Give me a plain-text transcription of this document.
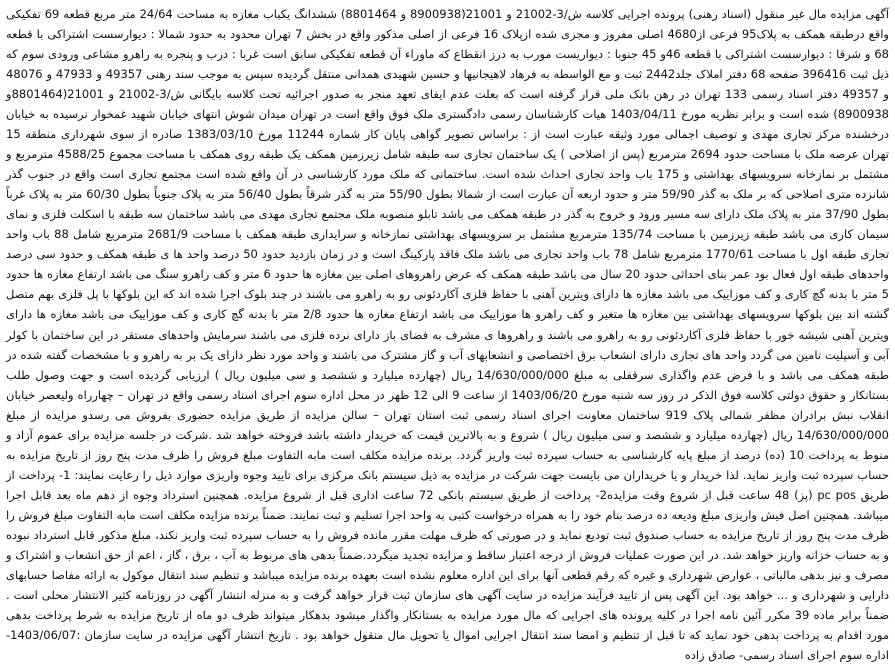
آگهی مزایده مال غیر منقول (اسناد رهنی) پرونده اجرایی کلاسه ش/3-21002 و 21001(8900938 و 8801464) ششدانگ یکباب مغازه به مساحت 24/64 متر مربع قطعه 69 تفکیکی واقع درطبقه همکف به پلاک95 فرعی از4680 اصلی مفروز و مجزی شده ازپلاک 16 فرعی از اصلی مذکور واقع در بخش 7 تهران محدود به حدود شمالا : دیوارسست اشتراکی با قطعه 68 و شرقا : دیوارسست اشتراکی با قطعه 46و 45 جنوبا : دیواریست مورب به درز انقطاع که ماوراء آن قطعه تفکیکی سابق است غربا : درب و پنجره به راهرو مشاعی ورودی سوم که ذیل ثبت 396416 صفحه 68 دفتر املاک جلد2442 ثبت و مع الواسطه به فرهاد لاهیجانیها و حسین شهیدی همدانی منتقل گردیده سپس به موجب سند رهنی 49357 و 47933 و 48076 و 49357 دفتر اسناد رسمی 133 تهران در رهن بانک ملی قرار گرفته است که بعلت عدم ایفای تعهد منجر به صدور اجرائیه تحت کلاسه بایگانی ش/3-21002 و 21001(8801464و 8900938) شده است و برابر نظریه مورخ 1403/04/11 هیات کارشناسان رسمی دادگستری ملک فوق واقع است در تهران میدان شوش انتهای خیابان شهید غمخوار نرسیده به خیابان درخشنده مرکز تجاری مهدی و توصیف اجمالی مورد وثیقه عبارت است از : براساس تصویر گواهی پایان کار شماره 11244 مورخ 1383/03/10 صادره از سوی شهرداری منطقه 15 تهران عرصه ملک با مساحت حدود 2694 مترمربع (پس از اصلاحی ) یک ساختمان تجاری سه طبقه شامل زیرزمین همکف یک طبقه روی همکف با مساحت مجموع 4588/25 مترمربع و مشتمل بر نمازخانه سرویسهای بهداشتی و 175 باب واحد تجاری احداث شده است. ساختمانی که ملک مورد کارشناسی در آن واقع شده است مجتمع تجاری است واقع در جنوب گذر شانزده متری اصلاحی که بر ملک به گذر 59/90 متر و حدود اربعه آن عبارت است از شمالا بطول 55/90 متر به گذر شرقاً بطول 56/40 متر به پلاک جنوباً بطول 60/30 متر به پلاک غرباً بطول 37/90 متر به پلاک ملک دارای سه مسیر ورود و خروج به گذر در طبقه همکف می باشد تابلو منصوبه ملک مجتمع تجاری مهدی می باشد ساختمان سه طبقه با اسکلت فلزی و نمای سیمان کاری می باشد طبقه زیرزمین با مساحت 135/74 مترمربع مشتمل بر سرویسهای بهداشتی نمازخانه و سرایداری طبقه همکف با مساحت 2681/9 مترمربع شامل 88 باب واحد تجاری طبقه اول با مساحت 1770/61 مترمربع شامل 78 باب واحد تجاری می باشد ملک فاقد پارکینگ است و در زمان بازدید حدود 50 درصد واحد ها ی طبقه همکف و حدود سی درصد واحدهای طبقه اول فعال بود عمر بنای احداثی حدود 20 سال می باشد طبقه همکف که عرض راهروهای اصلی بین مغازه ها حدود 6 متر و کف راهرو سنگ می باشد ارتفاع مغازه ها حدود 5 متر با بدنه گچ کاری و کف موزاییک می باشد مغازه ها دارای ویترین آهنی با حفاظ فلزی آکاردئونی رو به راهرو می باشند در چند بلوک اجرا شده اند که این بلوکها با پل فلزی بهم متصل گشته اند بین بلوکها سرویسهای بهداشتی بین مغازه ها متغیر و کف راهرو ها موزاییک می باشد ارتفاع مغازه ها حدود 2/8 متر با بدنه گچ کاری و کف موزاییک می باشد مغازه ها دارای ویترین آهنی شیشه خور با حفاظ فلزی آکاردئونی رو به راهرو می باشند و راهروها ی مشرف به فضای باز دارای نرده فلزی می باشند سرمایش واحدهای مستقر در این ساختمان با کولر آبی و آسپلیت تامین می گردد واحد های تجاری دارای انشعاب برق اختصاصی و انشعابهای آب و گاز مشترک می باشند و واحد مورد نظر دارای یک بر به راهرو و با مشخصات گفته شده در طبقه همکف می باشد و با فرض عدم واگذاری سرقفلی به مبلغ 14/630/000/000 ریال (چهارده میلیارد و ششصد و سی میلیون ریال ) ارزیابی گردیده است و جهت وصول طلب بستانکار و حقوق دولتی کلاسه فوق الذکر در روز سه شنبه مورخ 1403/06/20 از ساعت 9 الی 12 ظهر در محل اداره سوم اجرای اسناد رسمی واقع در تهران – چهارراه ولیعصر خیابان انقلاب نبش برادران مظفر شمالی پلاک 919 ساختمان معاونت اجرای اسناد رسمی ثبت استان تهران – سالن مزایده از طریق مزایده حضوری بفروش می رسدو مزایده از مبلغ 14/630/000/000 ریال (چهارده میلیارد و ششصد و سی میلیون ریال ) شروع و به بالاترین قیمت که خریدار داشته باشد فروخته خواهد شد .شرکت در جلسه مزایده برای عموم آزاد و منوط به پرداخت 10 (ده) درصد از مبلغ پایه کارشناسی به حساب سپرده ثبت واریز گردد. برنده مزایده مکلف است مابه التفاوت مبلغ فروش را ظرف مدت پنج روز از تاریخ مزایده به حساب سپرده ثبت واریز نماید. لذا خریدار و یا خریداران می بایست جهت شرکت در مزایده به ذیل سیستم بانک مرکزی برای تایید وجوه واریزی موارد ذیل را رعایت نمایند: 1- پرداخت از طریق pc pos (پز) 48 ساعت قبل از شروع وقت مزایده2- پرداخت از طریق سیستم بانکی 72 ساعت اداری قبل از شروع مزایده. همچنین استرداد وجوه از دهم ماه بعد قابل اجرا میباشد. همچنین اصل فیش واریزی مبلغ ودیعه ده درصد بنام خود را به همراه درخواست کتبی به واحد اجرا تسلیم و ثبت نمایند. ضمناً برنده مزایده مکلف است مابه التفاوت مبلغ فروش را ظرف مدت پنج روز از تاریخ مزایده به حساب صندوق ثبت تودیع نماید و در صورتی که ظرف مهلت مقرر مانده فروش را به حساب سپرده ثبت واریز نکند، مبلغ مذکور قابل استرداد نبوده و به حساب خزانه واریز خواهد شد. در این صورت عملیات فروش از درجه اعتبار ساقط و مزایده تجدید میگردد.ضمناً بدهی های مربوط به آب ، برق ، گاز ، اعم از حق انشعاب و اشتراک و مصرف و نیز بدهی مالیاتی ، عوارض شهرداری و غیره که رقم قطعی آنها برای این اداره معلوم نشده است بعهده برنده مزایده میباشد و تنظیم سند انتقال موکول به ارائه مفاصا حسابهای دارایی و شهرداری و ... خواهد بود. این آگهی پس از تایید فرآیند مزایده در سایت آگهی های سازمان ثبت قرار خواهد گرفت و به منزله انتشار آگهی در روزنامه کثیر الانتشار محلی است . ضمناً برابر ماده 39 مکرر آئین نامه اجرا در کلیه پرونده های اجرایی که مال مورد مزایده به بستانکار واگذار میشود بدهکار میتواند ظرف دو ماه از تاریخ مزایده به شرط پرداخت بدهی مورد اقدام به پرداخت بدهی خود نماید که تا قبل از تنظیم و امضا سند انتقال اجرایی اموال یا تحویل مال منقول خواهد بود . تاریخ انتشار آگهی مزایده در سایت سازمان :1403/06/07- اداره سوم اجرای اسناد رسمی- صادق زاده
